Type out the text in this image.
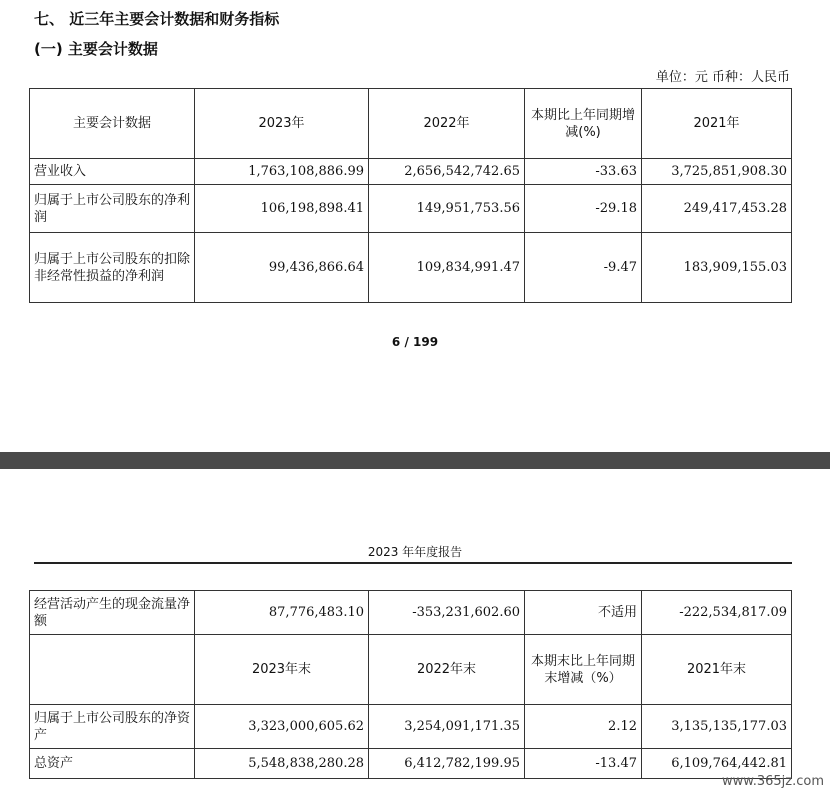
七、 近三年主要会计数据和财务指标
(一) 主要会计数据
单位：元 币种：人民币
主要会计数据	2023年	2022年	本期比上年同期增减(%)	2021年
营业收入	1,763,108,886.99	2,656,542,742.65	-33.63	3,725,851,908.30
归属于上市公司股东的净利润	106,198,898.41	149,951,753.56	-29.18	249,417,453.28
归属于上市公司股东的扣除非经常性损益的净利润	99,436,866.64	109,834,991.47	-9.47	183,909,155.03
6 / 199
2023 年年度报告
经营活动产生的现金流量净额	87,776,483.10	-353,231,602.60	不适用	-222,534,817.09
	2023年末	2022年末	本期末比上年同期末增减（%）	2021年末
归属于上市公司股东的净资产	3,323,000,605.62	3,254,091,171.35	2.12	3,135,135,177.03
总资产	5,548,838,280.28	6,412,782,199.95	-13.47	6,109,764,442.81
www.365jz.com
